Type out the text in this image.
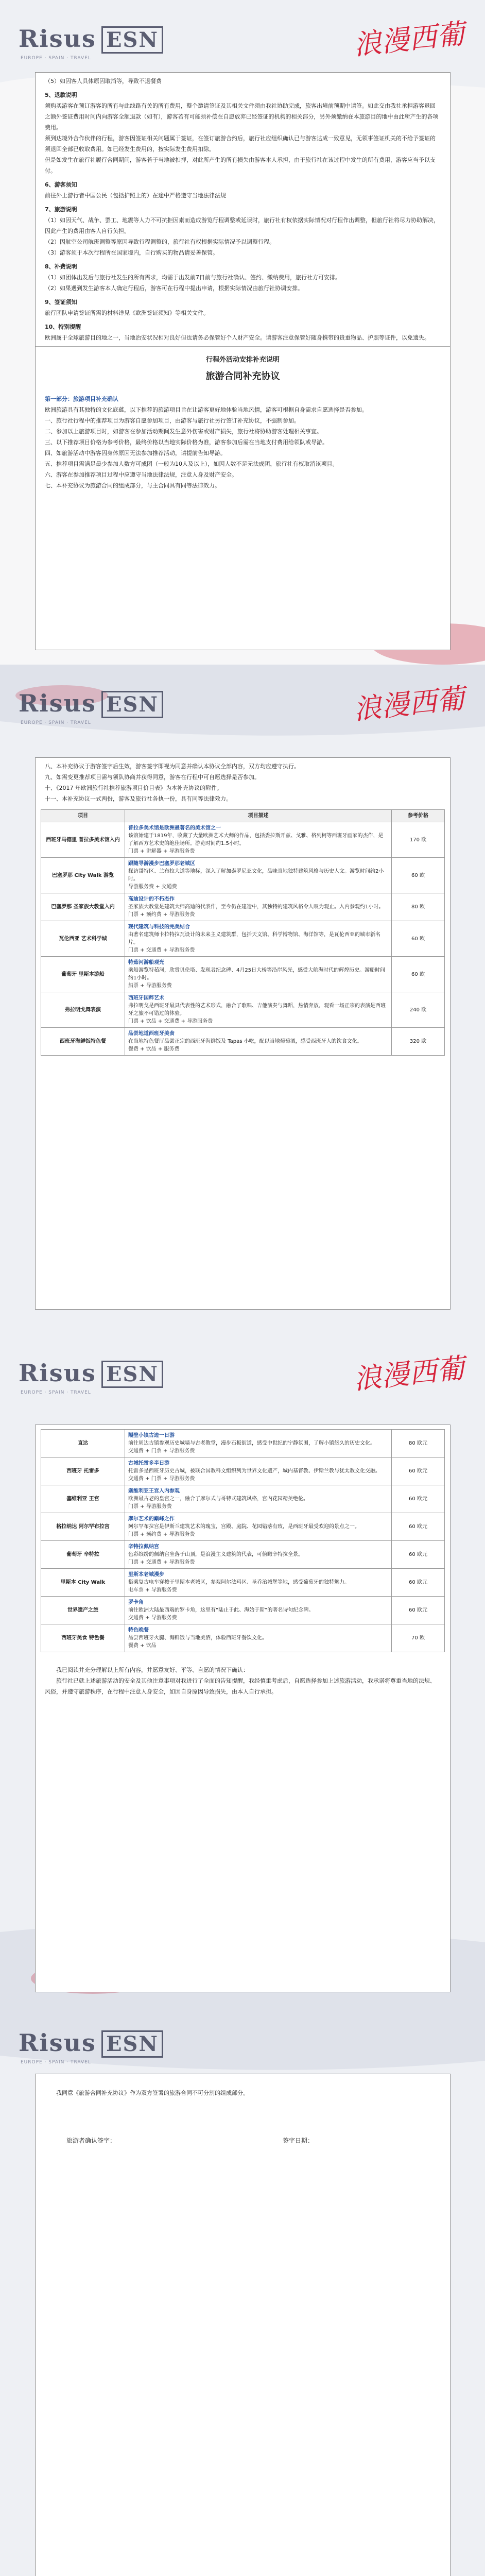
Risus ESN
EUROPE · SPAIN · TRAVEL	浪漫西葡
（5）如因客人具体原因取消等，导致不退餐费
5、退款说明
须购买游客在预订游客的所有与此线路有关的所有费用，整个邀请签证及其相关文件须由我社协助完成，旅客出境前预期中请签。如此交由我社承担游客退回之额外签证费用时间内向游客全额退款（如有），游客若有可能须补偿在自愿放弃已经签证的机构的相关部分，另外须缴纳在本旅游目的地中由此所产生的各项费用。
须到达境外合作伙伴的行程，游客因签证相关问题属于签证，在签订旅游合约后，旅行社应组织确认已与游客达成一致意见，无领事签证机关的不给予签证的须退回全部已收取费用。如已经发生费用的，按实际发生费用扣除。
但是如发生在旅行社履行合同期间，游客若于当地被扣押，对此所产生的所有损失由游客本人承担，由于旅行社在该过程中发生的所有费用，游客应当予以支付。
6、游客须知
前往外上游行者中国公民（包括护照上的）在途中严格遵守当地法律法规
7、旅游说明
（1）如因天气、战争、罢工、地震等人力不可抗拒因素而造成游览行程调整或延误时，旅行社有权依据实际情况对行程作出调整，但旅行社将尽力协助解决，因此产生的费用由客人自行负担。
（2）因航空公司航班调整等原因导致行程调整的，旅行社有权根据实际情况予以调整行程。
（3）游客须于本次行程所在国家境内，自行购买的物品请妥善保管。
8、补费说明
（1）如团体出发后与旅行社发生的所有需求，均需于出发前7日前与旅行社确认、签约、缴纳费用，旅行社方可安排。
（2）如果遇到发生游客本人确定行程后，游客可在行程中提出申请，根据实际情况由旅行社协调安排。
9、签证须知
旅行团队申请签证所需的材料详见《欧洲签证须知》等相关文件。
10、特别提醒
欧洲属于全球旅游目的地之一，当地治安状况相对良好但也请务必保管好个人财产安全。请游客注意保管好随身携带的贵重物品、护照等证件，以免遗失。
行程外活动安排补充说明
旅游合同补充协议
第一部分：旅游项目补充确认
欧洲旅游具有其独特的文化底蕴，以下推荐的旅游项目旨在让游客更好地体验当地风情，游客可根据自身需求自愿选择是否参加。
一、旅行社行程中的推荐项目为游客自愿参加项目，由游客与旅行社另行签订补充协议，不强制参加。
二、参加以上旅游项目时，如游客在参加活动期间发生意外伤害或财产损失，旅行社将协助游客处理相关事宜。
三、以下推荐项目价格为参考价格，最终价格以当地实际价格为准，游客参加后需在当地支付费用给领队或导游。
四、如旅游活动中游客因身体原因无法参加推荐活动，请提前告知导游。
五、推荐项目需满足最少参加人数方可成团（一般为10人及以上），如因人数不足无法成团，旅行社有权取消该项目。
六、游客在参加推荐项目过程中应遵守当地法律法规，注意人身及财产安全。
七、本补充协议为旅游合同的组成部分，与主合同具有同等法律效力。
Risus ESN
EUROPE · SPAIN · TRAVEL	浪漫西葡
八、本补充协议于游客签字后生效，游客签字即视为同意并确认本协议全部内容，双方均应遵守执行。
九、如需变更推荐项目需与领队协商并获得同意，游客在行程中可自愿选择是否参加。
十、《2017 年欧洲旅行社推荐旅游项目价目表》为本补充协议的附件。
十一、本补充协议一式两份，游客及旅行社各执一份，具有同等法律效力。
项目	项目描述	参考价格
西班牙马德里 普拉多美术馆入内	普拉多美术馆是欧洲最著名的美术馆之一
该馆始建于1819年，收藏了大量欧洲艺术大师的作品，包括委拉斯开兹、戈雅、格列柯等西班牙画家的杰作，是了解西方艺术史的绝佳场所。游览时间约1.5小时。
门票 + 讲解器 + 导游服务费	170 欧
巴塞罗那 City Walk 游览	跟随导游漫步巴塞罗那老城区
探访哥特区、兰布拉大道等地标，深入了解加泰罗尼亚文化，品味当地独特建筑风格与历史人文。游览时间约2小时。
导游服务费 + 交通费	60 欧
巴塞罗那 圣家族大教堂入内	高迪设计的不朽杰作
圣家族大教堂是建筑大师高迪的代表作，至今仍在建造中，其独特的建筑风格令人叹为观止。入内参观约1小时。
门票 + 预约费 + 导游服务费	80 欧
瓦伦西亚 艺术科学城	现代建筑与科技的完美结合
由著名建筑师卡拉特拉瓦设计的未来主义建筑群，包括天文馆、科学博物馆、海洋馆等，是瓦伦西亚的城市新名片。
门票 + 交通费 + 导游服务费	60 欧
葡萄牙 里斯本游船	特茹河游船观光
乘船游览特茹河，欣赏贝伦塔、发现者纪念碑、4月25日大桥等沿岸风光，感受大航海时代的辉煌历史。游船时间约1小时。
船票 + 导游服务费	60 欧
弗拉明戈舞表演	西班牙国粹艺术
弗拉明戈是西班牙最具代表性的艺术形式，融合了歌唱、吉他演奏与舞蹈，热情奔放，观看一场正宗的表演是西班牙之旅不可错过的体验。
门票 + 饮品 + 交通费 + 导游服务费	240 欧
西班牙海鲜饭特色餐	品尝地道西班牙美食
在当地特色餐厅品尝正宗的西班牙海鲜饭及 Tapas 小吃，配以当地葡萄酒，感受西班牙人的饮食文化。
餐费 + 饮品 + 服务费	320 欧
Risus ESN
EUROPE · SPAIN · TRAVEL	浪漫西葡
直达	隔壁小镇古迹一日游
前往周边古镇参观历史城墙与古老教堂，漫步石板街道，感受中世纪的宁静氛围，了解小镇悠久的历史文化。
交通费 + 门票 + 导游服务费	80 欧元
西班牙 托雷多	古城托雷多半日游
托雷多是西班牙历史古城，被联合国教科文组织列为世界文化遗产，城内基督教、伊斯兰教与犹太教文化交融。
交通费 + 门票 + 导游服务费	60 欧元
塞维利亚 王宫	塞维利亚王宫入内参观
欧洲最古老的皇宫之一，融合了摩尔式与哥特式建筑风格，宫内花园精美绝伦。
门票 + 导游服务费	60 欧元
格拉纳达 阿尔罕布拉宫	摩尔艺术的巅峰之作
阿尔罕布拉宫是伊斯兰建筑艺术的瑰宝，宫殿、庭院、花园错落有致，是西班牙最受欢迎的景点之一。
门票 + 预约费 + 导游服务费	60 欧元
葡萄牙 辛特拉	辛特拉佩纳宫
色彩缤纷的佩纳宫坐落于山顶，是浪漫主义建筑的代表，可俯瞰辛特拉全景。
门票 + 交通费 + 导游服务费	60 欧元
里斯本 City Walk	里斯本老城漫步
搭乘复古电车穿梭于里斯本老城区，参观阿尔法玛区、圣乔治城堡等地，感受葡萄牙的独特魅力。
电车票 + 导游服务费	60 欧元
世界遗产之旅	罗卡角
前往欧洲大陆最西端的罗卡角，这里有“陆止于此、海始于斯”的著名诗句纪念碑。
交通费 + 导游服务费	60 欧元
西班牙美食 特色餐	特色晚餐
品尝西班牙火腿、海鲜饭与当地美酒，体验西班牙餐饮文化。
餐费 + 饮品	70 欧
我已阅读并充分理解以上所有内容，并愿意友好、平等、自愿的情况下确认：
旅行社已就上述旅游活动的安全及其他注意事项对我进行了全面的告知提醒，我经慎重考虑后，自愿选择参加上述旅游活动，我承诺将尊重当地的法规、风俗，并遵守旅游秩序，在行程中注意人身安全，如因自身原因导致损失，由本人自行承担。
Risus ESN
EUROPE · SPAIN · TRAVEL
我同意《旅游合同补充协议》作为双方签署的旅游合同不可分割的组成部分。
旅游者确认签字：	签字日期：
